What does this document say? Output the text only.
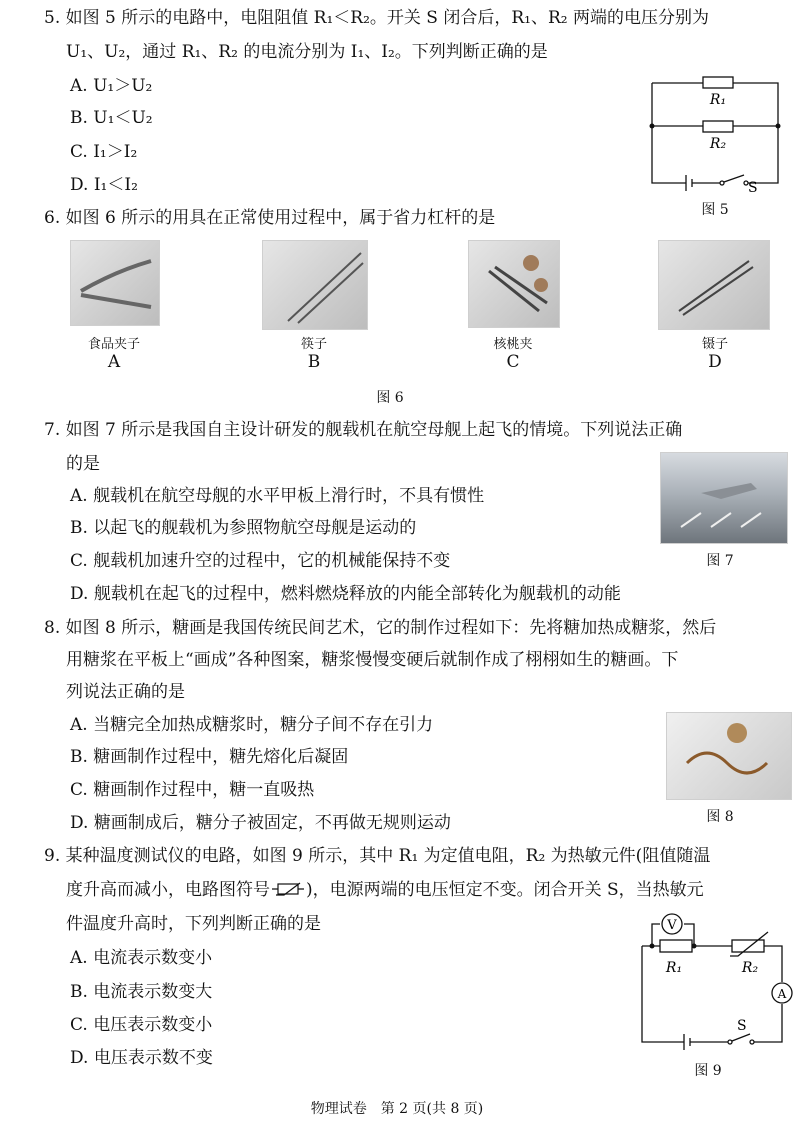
5. 如图 5 所示的电路中，电阻阻值 R₁＜R₂。开关 S 闭合后，R₁、R₂ 两端的电压分别为
U₁、U₂，通过 R₁、R₂ 的电流分别为 I₁、I₂。下列判断正确的是
A. U₁＞U₂
B. U₁＜U₂
C. I₁＞I₂
D. I₁＜I₂
R₁
R₂
S
图 5
6. 如图 6 所示的用具在正常使用过程中，属于省力杠杆的是
食品夹子	筷子	核桃夹	镊子
A	B	C	D
图 6
7. 如图 7 所示是我国自主设计研发的舰载机在航空母舰上起飞的情境。下列说法正确
的是
A. 舰载机在航空母舰的水平甲板上滑行时，不具有惯性
B. 以起飞的舰载机为参照物航空母舰是运动的
C. 舰载机加速升空的过程中，它的机械能保持不变
D. 舰载机在起飞的过程中，燃料燃烧释放的内能全部转化为舰载机的动能
图 7
8. 如图 8 所示，糖画是我国传统民间艺术，它的制作过程如下：先将糖加热成糖浆，然后
用糖浆在平板上“画成”各种图案，糖浆慢慢变硬后就制作成了栩栩如生的糖画。下
列说法正确的是
A. 当糖完全加热成糖浆时，糖分子间不存在引力
B. 糖画制作过程中，糖先熔化后凝固
C. 糖画制作过程中，糖一直吸热
D. 糖画制成后，糖分子被固定，不再做无规则运动	图 8
9. 某种温度测试仪的电路，如图 9 所示，其中 R₁ 为定值电阻，R₂ 为热敏元件(阻值随温
度升高而减小，电路图符号 )，电源两端的电压恒定不变。闭合开关 S，当热敏元
件温度升高时，下列判断正确的是
A. 电流表示数变小
B. 电流表示数变大
C. 电压表示数变小
D. 电压表示数不变
V
A
R₁	R₂
S
图 9
物理试卷　第 2 页(共 8 页)
